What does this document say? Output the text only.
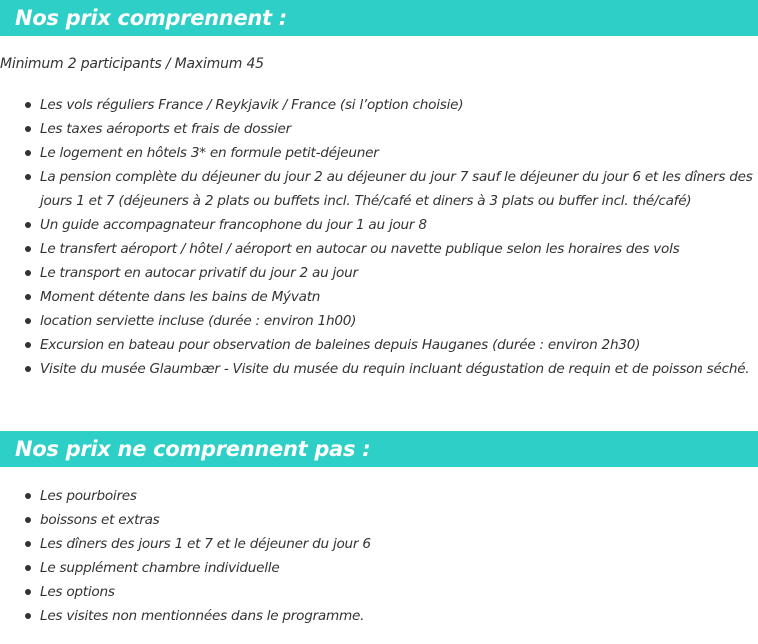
Nos prix comprennent :
Minimum 2 participants / Maximum 45
Les vols réguliers France / Reykjavik / France (si l’option choisie)
Les taxes aéroports et frais de dossier
Le logement en hôtels 3* en formule petit-déjeuner
La pension complète du déjeuner du jour 2 au déjeuner du jour 7 sauf le déjeuner du jour 6 et les dîners des jours 1 et 7 (déjeuners à 2 plats ou buffets incl. Thé/café et diners à 3 plats ou buffer incl. thé/café)
Un guide accompagnateur francophone du jour 1 au jour 8
Le transfert aéroport / hôtel / aéroport en autocar ou navette publique selon les horaires des vols
Le transport en autocar privatif du jour 2 au jour
Moment détente dans les bains de Mývatn
location serviette incluse (durée : environ 1h00)
Excursion en bateau pour observation de baleines depuis Hauganes (durée : environ 2h30)
Visite du musée Glaumbær - Visite du musée du requin incluant dégustation de requin et de poisson séché.
Nos prix ne comprennent pas :
Les pourboires
boissons et extras
Les dîners des jours 1 et 7 et le déjeuner du jour 6
Le supplément chambre individuelle
Les options
Les visites non mentionnées dans le programme.
